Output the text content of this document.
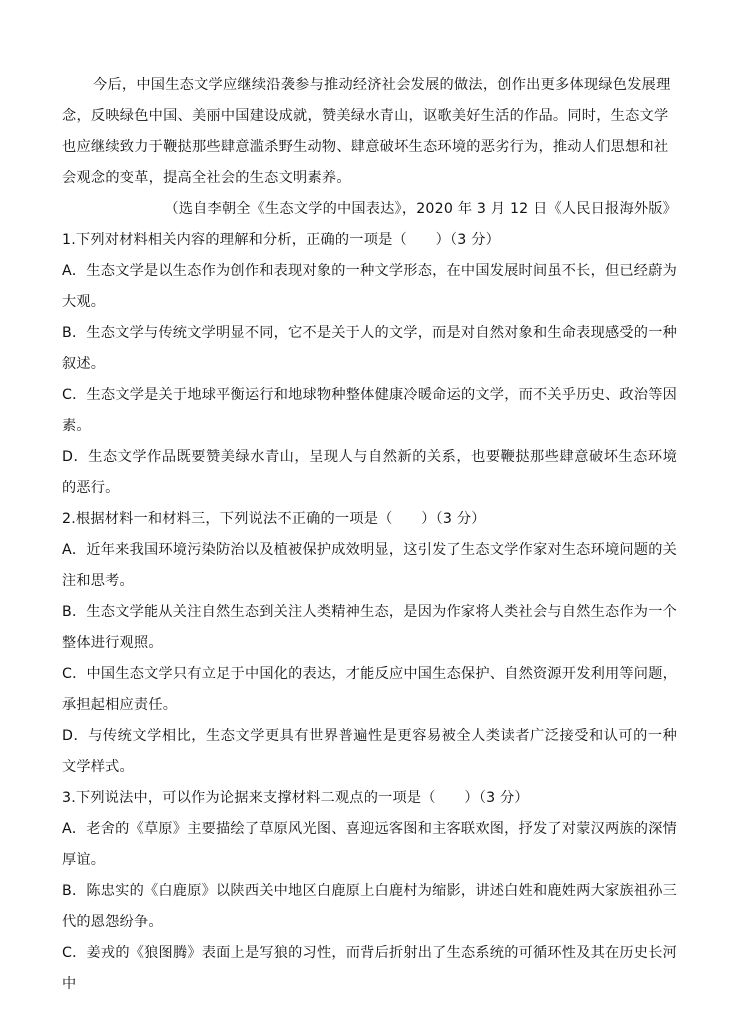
今后，中国生态文学应继续沿袭参与推动经济社会发展的做法，创作出更多体现绿色发展理念，反映绿色中国、美丽中国建设成就，赞美绿水青山，讴歌美好生活的作品。同时，生态文学也应继续致力于鞭挞那些肆意滥杀野生动物、肆意破坏生态环境的恶劣行为，推动人们思想和社会观念的变革，提高全社会的生态文明素养。
（选自李朝全《生态文学的中国表达》，2020 年 3 月 12 日《人民日报海外版》
1.下列对材料相关内容的理解和分析，正确的一项是（　　）（3 分）
A．生态文学是以生态作为创作和表现对象的一种文学形态，在中国发展时间虽不长，但已经蔚为大观。
B．生态文学与传统文学明显不同，它不是关于人的文学，而是对自然对象和生命表现感受的一种叙述。
C．生态文学是关于地球平衡运行和地球物种整体健康冷暖命运的文学，而不关乎历史、政治等因素。
D．生态文学作品既要赞美绿水青山，呈现人与自然新的关系，也要鞭挞那些肆意破坏生态环境的恶行。
2.根据材料一和材料三，下列说法不正确的一项是（　　）（3 分）
A．近年来我国环境污染防治以及植被保护成效明显，这引发了生态文学作家对生态环境问题的关注和思考。
B．生态文学能从关注自然生态到关注人类精神生态，是因为作家将人类社会与自然生态作为一个整体进行观照。
C．中国生态文学只有立足于中国化的表达，才能反应中国生态保护、自然资源开发利用等问题，承担起相应责任。
D．与传统文学相比，生态文学更具有世界普遍性是更容易被全人类读者广泛接受和认可的一种文学样式。
3.下列说法中，可以作为论据来支撑材料二观点的一项是（　　）（3 分）
A．老舍的《草原》主要描绘了草原风光图、喜迎远客图和主客联欢图，抒发了对蒙汉两族的深情厚谊。
B．陈忠实的《白鹿原》以陕西关中地区白鹿原上白鹿村为缩影，讲述白姓和鹿姓两大家族祖孙三代的恩怨纷争。
C．姜戎的《狼图腾》表面上是写狼的习性，而背后折射出了生态系统的可循环性及其在历史长河中
